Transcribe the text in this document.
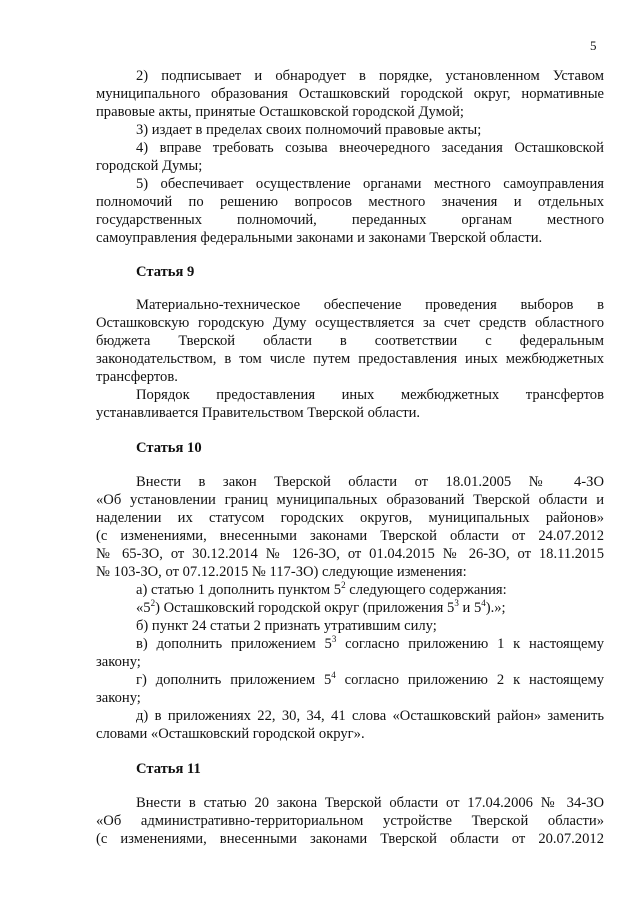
5
2) подписывает и обнародует в порядке, установленном Уставом
муниципального образования Осташковский городской округ, нормативные
правовые акты, принятые Осташковской городской Думой;
3) издает в пределах своих полномочий правовые акты;
4) вправе требовать созыва внеочередного заседания Осташковской
городской Думы;
5) обеспечивает осуществление органами местного самоуправления
полномочий по решению вопросов местного значения и отдельных
государственных полномочий, переданных органам местного
самоуправления федеральными законами и законами Тверской области.
Статья 9
Материально-техническое обеспечение проведения выборов в
Осташковскую городскую Думу осуществляется за счет средств областного
бюджета Тверской области в соответствии с федеральным
законодательством, в том числе путем предоставления иных межбюджетных
трансфертов.
Порядок предоставления иных межбюджетных трансфертов
устанавливается Правительством Тверской области.
Статья 10
Внести в закон Тверской области от 18.01.2005 № 4-ЗО
«Об установлении границ муниципальных образований Тверской области и
наделении их статусом городских округов, муниципальных районов»
(с изменениями, внесенными законами Тверской области от 24.07.2012
№ 65-ЗО, от 30.12.2014 № 126-ЗО, от 01.04.2015 № 26-ЗО, от 18.11.2015
№ 103-ЗО, от 07.12.2015 № 117-ЗО) следующие изменения:
а) статью 1 дополнить пунктом $5^2$ следующего содержания:
«$5^2$) Осташковский городской округ (приложения $5^3$ и $5^4$).»;
б) пункт 24 статьи 2 признать утратившим силу;
в) дополнить приложением $5^3$ согласно приложению 1 к настоящему
закону;
г) дополнить приложением $5^4$ согласно приложению 2 к настоящему
закону;
д) в приложениях 22, 30, 34, 41 слова «Осташковский район» заменить
словами «Осташковский городской округ».
Статья 11
Внести в статью 20 закона Тверской области от 17.04.2006 № 34-ЗО
«Об административно-территориальном устройстве Тверской области»
(с изменениями, внесенными законами Тверской области от 20.07.2012
